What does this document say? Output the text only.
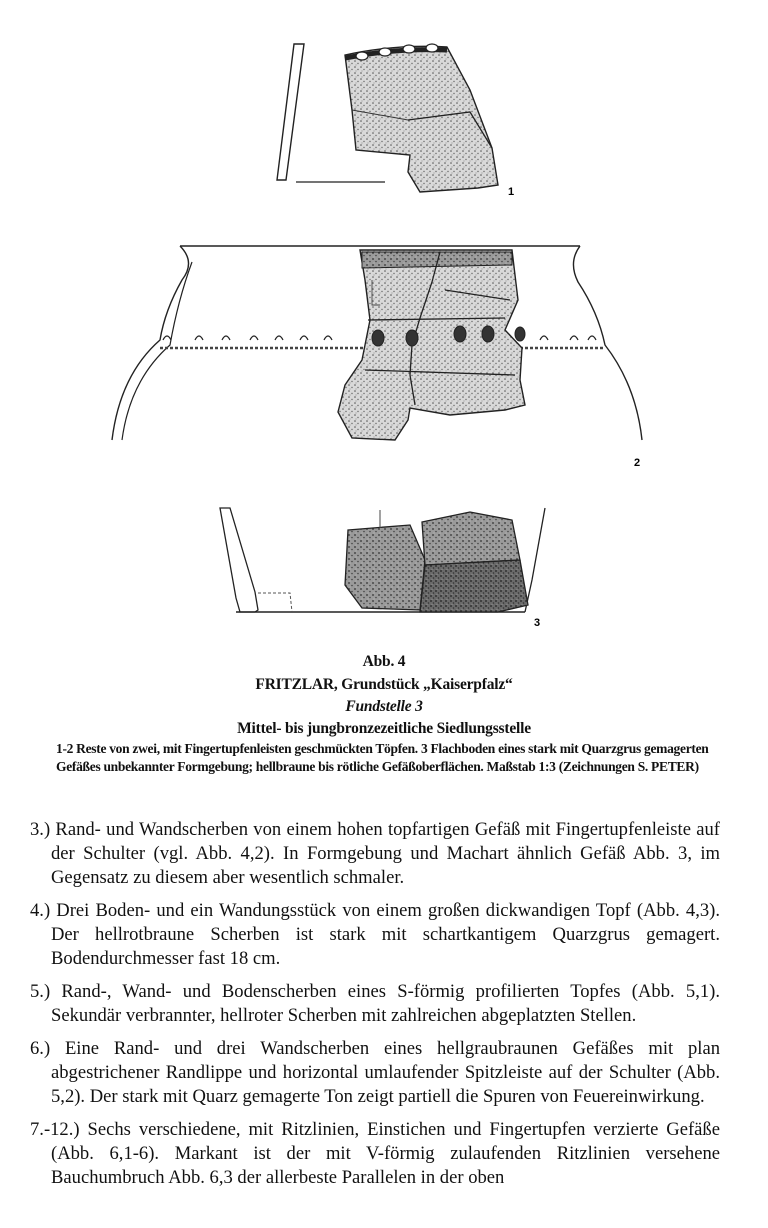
1
2
3
Abb. 4
FRITZLAR, Grundstück „Kaiserpfalz“
Fundstelle 3
Mittel- bis jungbronzezeitliche Siedlungsstelle
1-2 Reste von zwei, mit Fingertupfenleisten geschmückten Töpfen. 3 Flachboden eines stark mit Quarzgrus gemagerten Gefäßes unbekannter Formgebung; hellbraune bis rötliche Gefäßoberflächen. Maßstab 1:3 (Zeichnungen S. PETER)

3.) Rand- und Wandscherben von einem hohen topfartigen Gefäß mit Fingertupfenleiste auf der Schulter (vgl. Abb. 4,2). In Formgebung und Machart ähnlich Gefäß Abb. 3, im Gegensatz zu diesem aber wesentlich schmaler.

4.) Drei Boden- und ein Wandungsstück von einem großen dickwandigen Topf (Abb. 4,3). Der hellrotbraune Scherben ist stark mit schartkantigem Quarzgrus gemagert. Bodendurchmesser fast 18 cm.

5.) Rand-, Wand- und Bodenscherben eines S-förmig profilierten Topfes (Abb. 5,1). Sekundär verbrannter, hellroter Scherben mit zahlreichen abgeplatzten Stellen.

6.) Eine Rand- und drei Wandscherben eines hellgraubraunen Gefäßes mit plan abgestrichener Randlippe und horizontal umlaufender Spitzleiste auf der Schulter (Abb. 5,2). Der stark mit Quarz gemagerte Ton zeigt partiell die Spuren von Feuereinwirkung.

7.-12.) Sechs verschiedene, mit Ritzlinien, Einstichen und Fingertupfen verzierte Gefäße (Abb. 6,1-6). Markant ist der mit V-förmig zulaufenden Ritzlinien versehene Bauchumbruch Abb. 6,3 der allerbeste Parallelen in der oben
